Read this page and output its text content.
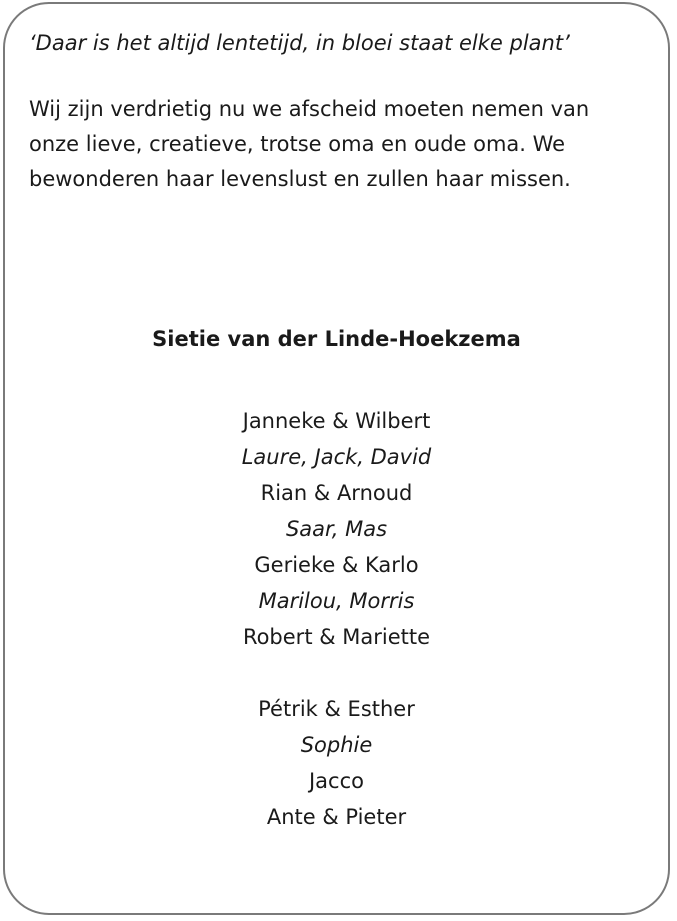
‘Daar is het altijd lentetijd, in bloei staat elke plant’

Wij zijn verdrietig nu we afscheid moeten nemen van
onze lieve, creatieve, trotse oma en oude oma. We
bewonderen haar levenslust en zullen haar missen.

Sietie van der Linde-Hoekzema

Janneke & Wilbert
Laure, Jack, David
Rian & Arnoud
Saar, Mas
Gerieke & Karlo
Marilou, Morris
Robert & Mariette
Pétrik & Esther
Sophie
Jacco
Ante & Pieter
